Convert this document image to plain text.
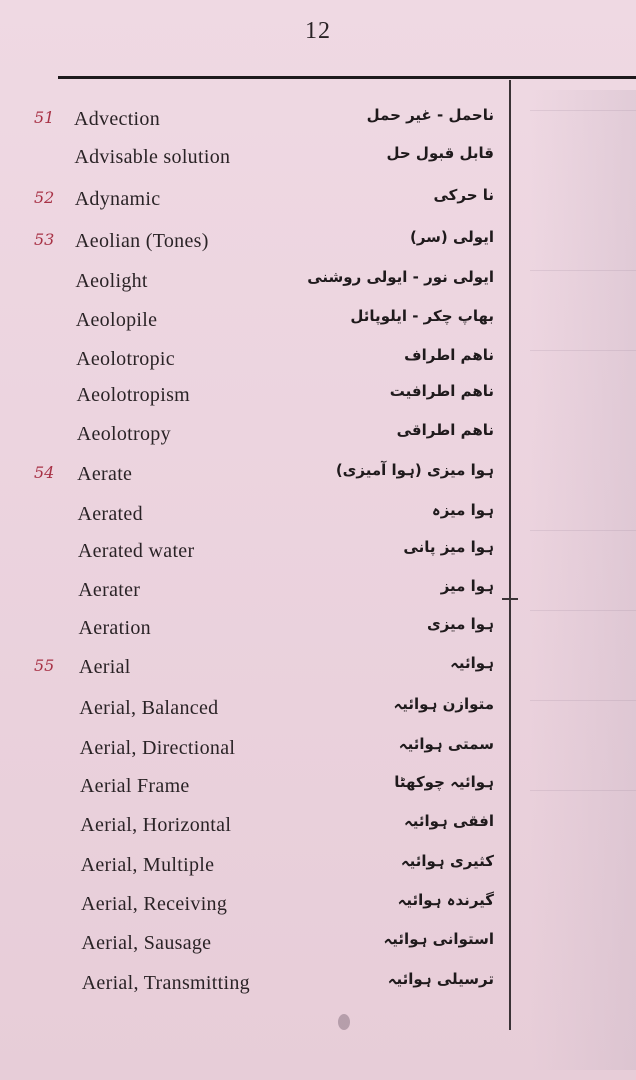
12
51 Advection	ناحمل - غیر حمل
Advisable solution	قابل قبول حل
52 Adynamic	نا حرکی
53 Aeolian (Tones)	ایولی (سر)
Aeolight	ایولی نور - ایولی روشنی
Aeolopile	بھاپ چکر - ایلوپائل
Aeolotropic	ناهم اطراف
Aeolotropism	ناهم اطرافیت
Aeolotropy	ناهم اطراقی
54 Aerate	ہوا میزی (ہوا آمیزی)
Aerated	ہوا میزہ
Aerated water	ہوا میز پانی
Aerater	ہوا میز
Aeration	ہوا میزی
55 Aerial	ہوائیہ
Aerial, Balanced	متوازن ہوائیہ
Aerial, Directional	سمتی ہوائیہ
Aerial Frame	ہوائیہ چوکھٹا
Aerial, Horizontal	افقی ہوائیہ
Aerial, Multiple	کثیری ہوائیہ
Aerial, Receiving	گیرندہ ہوائیہ
Aerial, Sausage	استوانی ہوائیہ
Aerial, Transmitting	ترسیلی ہوائیہ
